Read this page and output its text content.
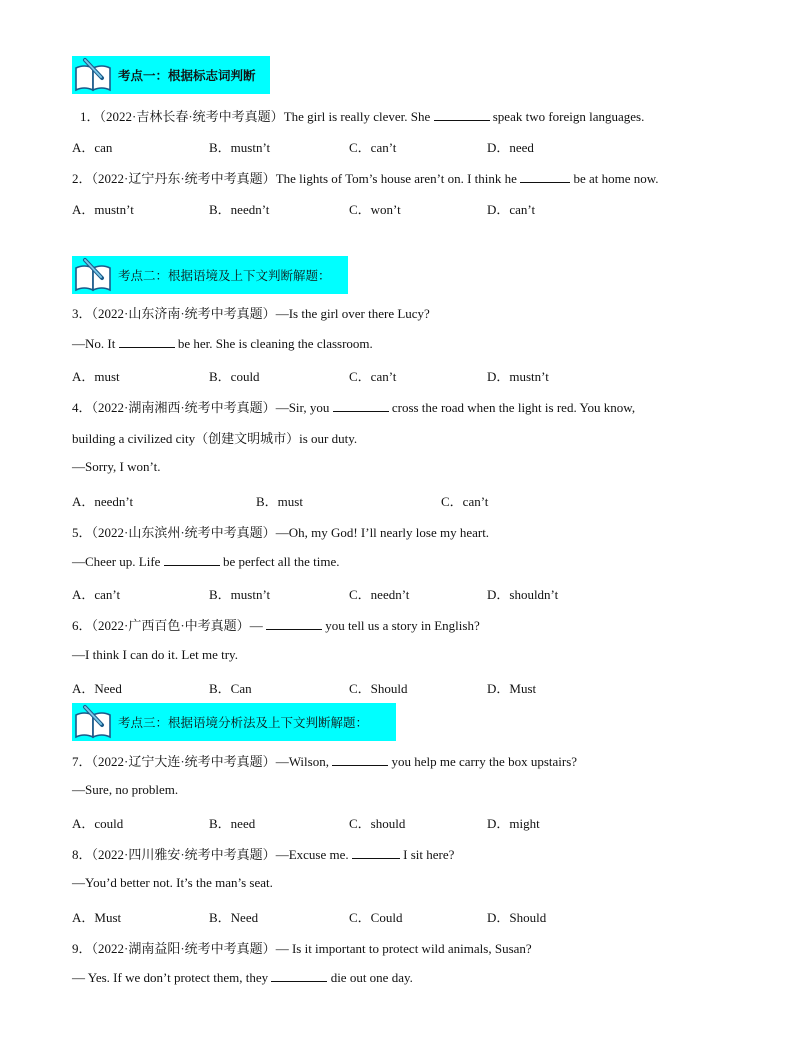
考点一：根据标志词判断
1．（2022·吉林长春·统考中考真题）The girl is really clever. She	speak two foreign languages.
A．can	B．mustn’t	C．can’t	D．need
2．（2022·辽宁丹东·统考中考真题）The lights of Tom’s house aren’t on. I think he	be at home now.
A．mustn’t	B．needn’t	C．won’t	D．can’t
考点二：根据语境及上下文判断解题：
3．（2022·山东济南·统考中考真题）—Is the girl over there Lucy?
—No. It	be her. She is cleaning the classroom.
A．must	B．could	C．can’t	D．mustn’t
4．（2022·湖南湘西·统考中考真题）—Sir, you	cross the road when the light is red. You know,
building a civilized city（创建文明城市）is our duty.
—Sorry, I won’t.
A．needn’t	B．must	C．can’t
5．（2022·山东滨州·统考中考真题）—Oh, my God! I’ll nearly lose my heart.
—Cheer up. Life	be perfect all the time.
A．can’t	B．mustn’t	C．needn’t	D．shouldn’t
6．（2022·广西百色·中考真题）—	you tell us a story in English?
—I think I can do it. Let me try.
A．Need	B．Can	C．Should	D．Must
考点三：根据语境分析法及上下文判断解题：
7．（2022·辽宁大连·统考中考真题）—Wilson,	you help me carry the box upstairs?
—Sure, no problem.
A．could	B．need	C．should	D．might
8．（2022·四川雅安·统考中考真题）—Excuse me.	I sit here?
—You’d better not. It’s the man’s seat.
A．Must	B．Need	C．Could	D．Should
9．（2022·湖南益阳·统考中考真题）— Is it important to protect wild animals, Susan?
— Yes. If we don’t protect them, they	die out one day.
